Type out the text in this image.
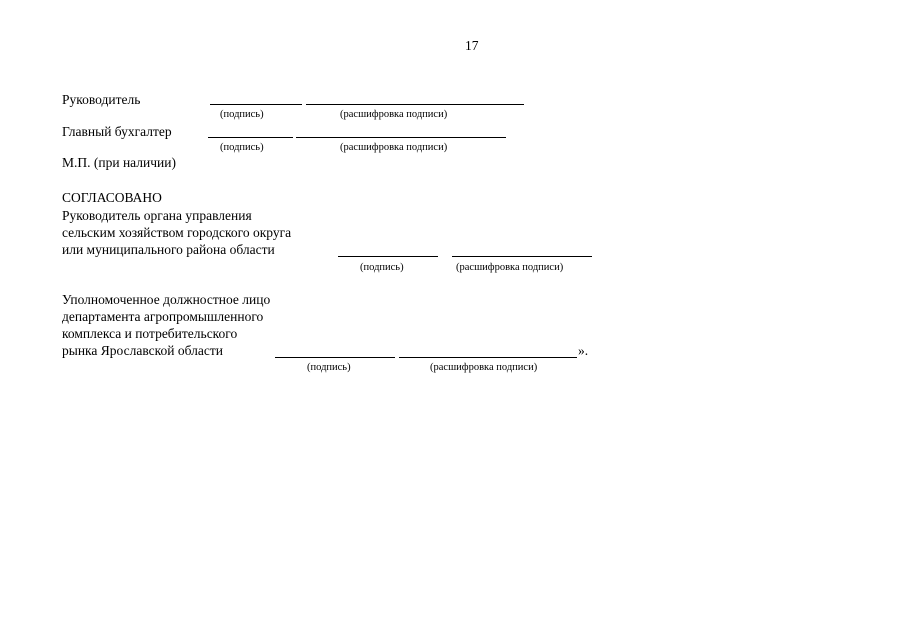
17
Руководитель
(подпись)	(расшифровка подписи)
Главный бухгалтер
(подпись)	(расшифровка подписи)
М.П. (при наличии)
СОГЛАСОВАНО
Руководитель органа управления
сельским хозяйством городского округа
или муниципального района области
(подпись)	(расшифровка подписи)
Уполномоченное должностное лицо
департамента агропромышленного
комплекса и потребительского
рынка Ярославской области	».
(подпись)	(расшифровка подписи)
